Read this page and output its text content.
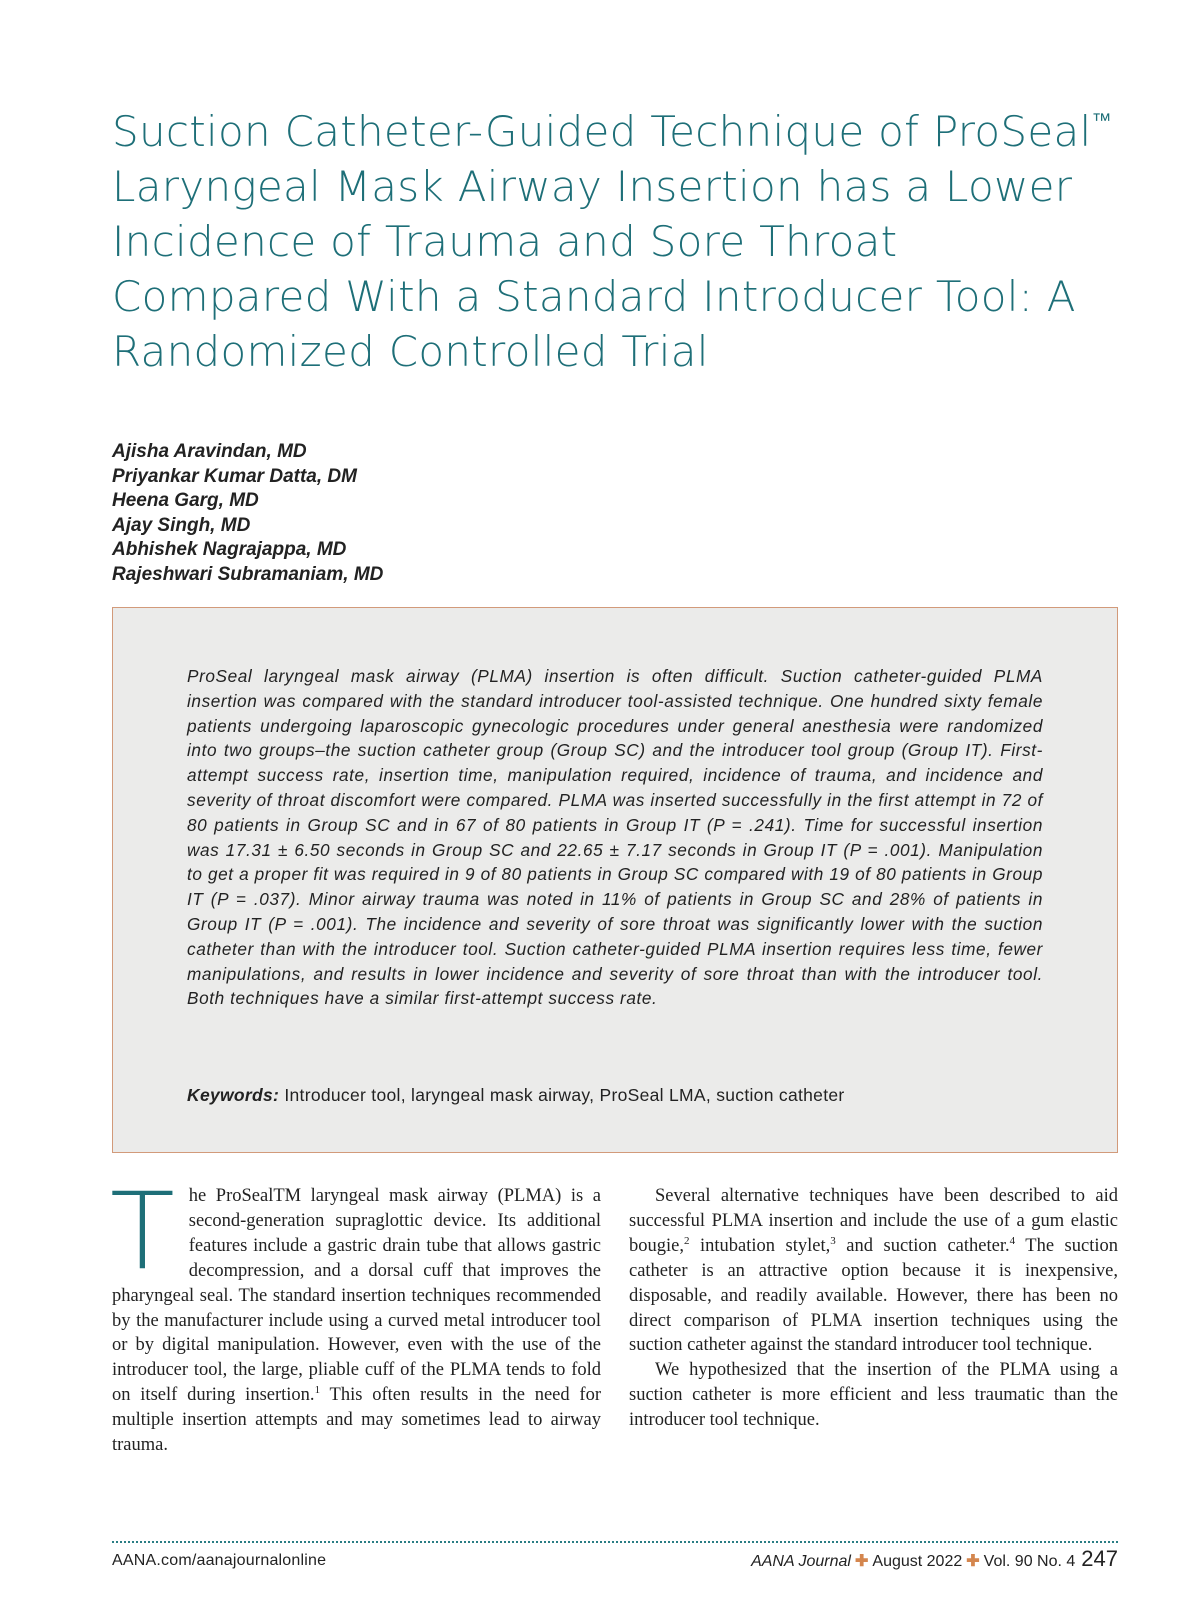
Suction Catheter-Guided Technique of ProSeal™ Laryngeal Mask Airway Insertion has a Lower Incidence of Trauma and Sore Throat Compared With a Standard Introducer Tool: A Randomized Controlled Trial
Ajisha Aravindan, MD
Priyankar Kumar Datta, DM
Heena Garg, MD
Ajay Singh, MD
Abhishek Nagrajappa, MD
Rajeshwari Subramaniam, MD

ProSeal laryngeal mask airway (PLMA) insertion is often difficult. Suction catheter-guided PLMA insertion was compared with the standard introducer tool-assisted technique. One hundred sixty female patients undergoing laparoscopic gynecologic procedures under general anesthesia were randomized into two groups–the suction catheter group (Group SC) and the introducer tool group (Group IT). First-attempt success rate, insertion time, manipulation required, incidence of trauma, and incidence and severity of throat discomfort were compared. PLMA was inserted successfully in the first attempt in 72 of 80 patients in Group SC and in 67 of 80 patients in Group IT (P = .241). Time for successful insertion was 17.31 ± 6.50 seconds in Group SC and 22.65 ± 7.17 seconds in Group IT (P = .001). Manipulation to get a proper fit was required in 9 of 80 patients in Group SC compared with 19 of 80 patients in Group IT (P = .037). Minor airway trauma was noted in 11% of patients in Group SC and 28% of patients in Group IT (P = .001). The incidence and severity of sore throat was significantly lower with the suction catheter than with the introducer tool. Suction catheter-guided PLMA insertion requires less time, fewer manipulations, and results in lower incidence and severity of sore throat than with the introducer tool. Both techniques have a similar first-attempt success rate.

Keywords: Introducer tool, laryngeal mask airway, ProSeal LMA, suction catheter

The ProSealTM laryngeal mask airway (PLMA) is a second-generation supraglottic device. Its additional features include a gastric drain tube that allows gastric decompression, and a dorsal cuff that improves the pharyngeal seal. The standard insertion techniques recommended by the manufacturer include using a curved metal introducer tool or by digital manipulation. However, even with the use of the introducer tool, the large, pliable cuff of the PLMA tends to fold on itself during insertion.$^1$ This often results in the need for multiple insertion attempts and may sometimes lead to airway trauma.

Several alternative techniques have been described to aid successful PLMA insertion and include the use of a gum elastic bougie,$^2$ intubation stylet,$^3$ and suction catheter.$^4$ The suction catheter is an attractive option because it is inexpensive, disposable, and readily available. However, there has been no direct comparison of PLMA insertion techniques using the suction catheter against the standard introducer tool technique.

We hypothesized that the insertion of the PLMA using a suction catheter is more efficient and less traumatic than the introducer tool technique.

AANA.com/aanajournalonline	AANA Journal ✚ August 2022 ✚ Vol. 90 No. 4 247
